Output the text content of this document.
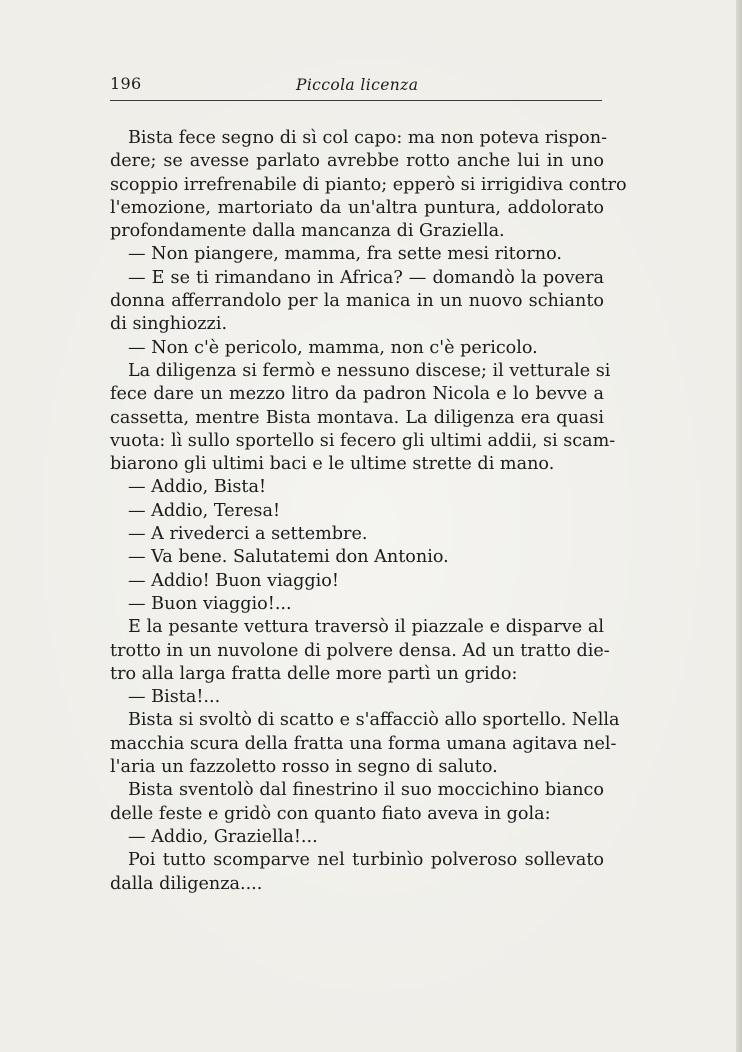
196	Piccola licenza
Bista fece segno di sì col capo: ma non poteva rispon-
dere; se avesse parlato avrebbe rotto anche lui in uno
scoppio irrefrenabile di pianto; epperò si irrigidiva contro
l'emozione, martoriato da un'altra puntura, addolorato
profondamente dalla mancanza di Graziella.
— Non piangere, mamma, fra sette mesi ritorno.
— E se ti rimandano in Africa? — domandò la povera
donna afferrandolo per la manica in un nuovo schianto
di singhiozzi.
— Non c'è pericolo, mamma, non c'è pericolo.
La diligenza si fermò e nessuno discese; il vetturale si
fece dare un mezzo litro da padron Nicola e lo bevve a
cassetta, mentre Bista montava. La diligenza era quasi
vuota: lì sullo sportello si fecero gli ultimi addii, si scam-
biarono gli ultimi baci e le ultime strette di mano.
— Addio, Bista!
— Addio, Teresa!
— A rivederci a settembre.
— Va bene. Salutatemi don Antonio.
— Addio! Buon viaggio!
— Buon viaggio!...
E la pesante vettura traversò il piazzale e disparve al
trotto in un nuvolone di polvere densa. Ad un tratto die-
tro alla larga fratta delle more partì un grido:
— Bista!...
Bista si svoltò di scatto e s'affacciò allo sportello. Nella
macchia scura della fratta una forma umana agitava nel-
l'aria un fazzoletto rosso in segno di saluto.
Bista sventolò dal finestrino il suo moccichino bianco
delle feste e gridò con quanto fiato aveva in gola:
— Addio, Graziella!...
Poi tutto scomparve nel turbinìo polveroso sollevato
dalla diligenza....
